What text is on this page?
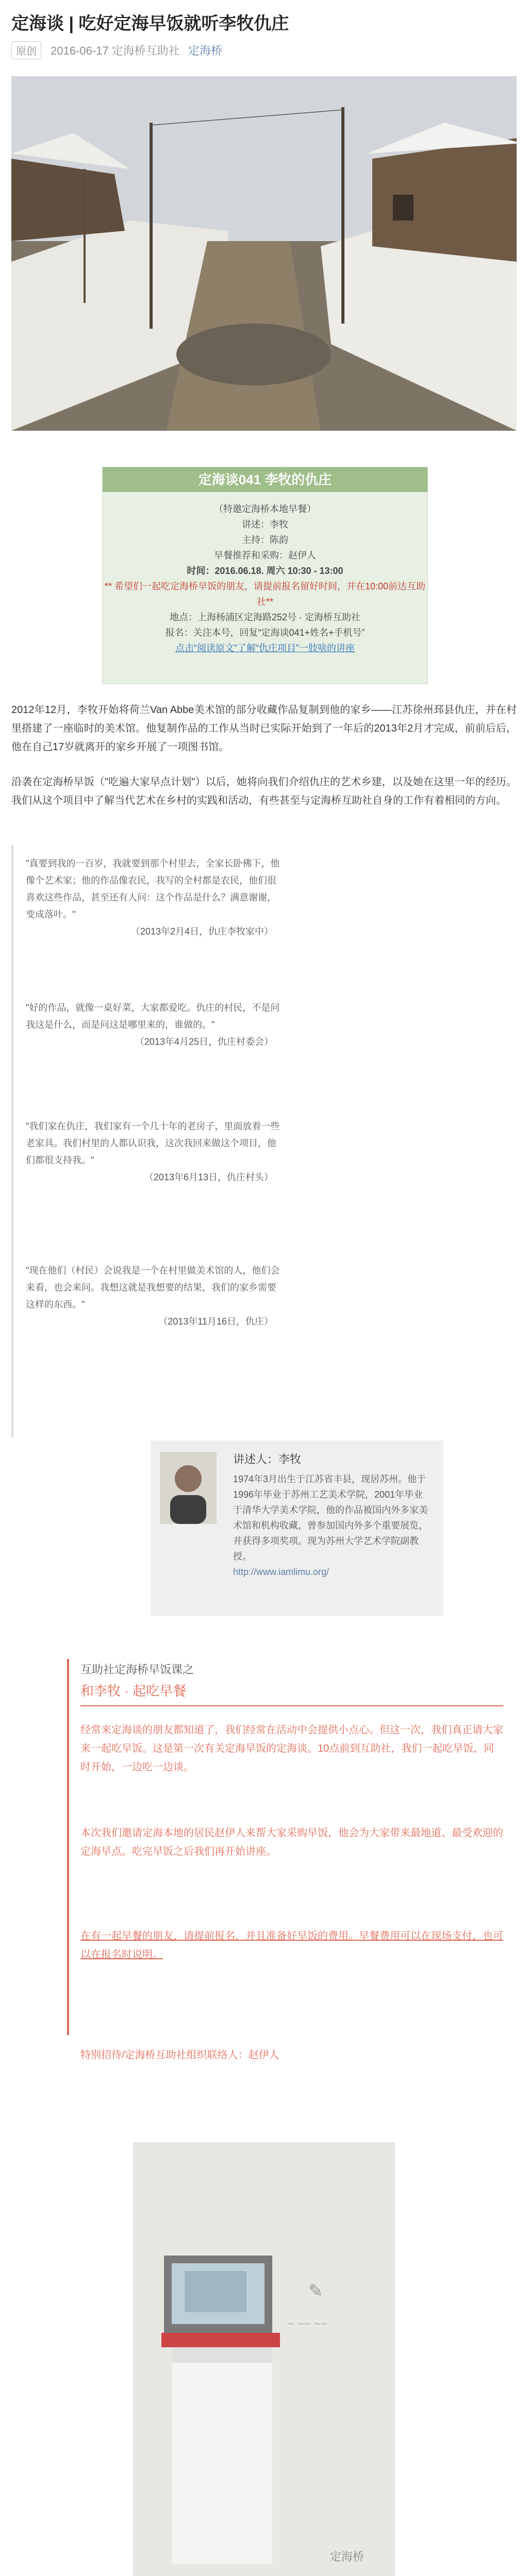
定海谈 | 吃好定海早饭就听李牧仇庄
原创 2016-06-17 定海桥互助社 定海桥
定海谈041 李牧的仇庄
（特邀定海桥本地早餐）
讲述：李牧
主持：陈韵
早餐推荐和采购：赵伊人
时间：2016.06.18. 周六 10:30 - 13:00
** 希望们一起吃定海桥早饭的朋友，请提前报名留好时间，并在10:00前达互助社**
地点：上海杨浦区定海路252号 · 定海桥互助社
报名：关注本号，回复“定海谈041+姓名+手机号”
点击“阅读原文”了解“仇庄项目”一肢啥的讲座

2012年12月，李牧开始将荷兰Van Abbe美术馆的部分收藏作品复制到他的家乡——江苏徐州邳县仇庄，并在村里搭建了一座临时的美术馆。他复制作品的工作从当时已实际开始到了一年后的2013年2月才完成，前前后后，他在自己17岁就离开的家乡开展了一项图书馆。

沿袭在定海桥早饭（"吃遍大家早点计划"）以后，她将向我们介绍仇庄的艺术乡建，以及她在这里一年的经历。我们从这个项目中了解当代艺术在乡村的实践和活动，有些甚至与定海桥互助社自身的工作有着相同的方向。

"真要到我的一百岁，我就要到那个村里去，全家长卧佛下，他像个艺术家；他的作品像农民，我写的全村都是农民，他们很喜欢这些作品，甚至还有人问：这个作品是什么？满意谢谢，变成落叶。"
（2013年2月4日，仇庄李牧家中）

"好的作品，就像一桌好菜，大家都爱吃。仇庄的村民，不是问我这是什么，而是问这是哪里来的，谁做的。"
（2013年4月25日，仇庄村委会）

"我们家在仇庄，我们家有一个几十年的老房子，里面放着一些老家具。我们村里的人都认识我，这次我回来做这个项目，他们都很支持我。"
（2013年6月13日，仇庄村头）

"现在他们（村民）会说我是一个在村里做美术馆的人，他们会来看，也会来问。我想这就是我想要的结果，我们的家乡需要这样的东西。"
（2013年11月16日，仇庄）

讲述人：李牧

1974年3月出生于江苏省丰县，现居苏州。他于1996年毕业于苏州工艺美术学院，2001年毕业于清华大学美术学院，他的作品被国内外多家美术馆和机构收藏，曾参加国内外多个重要展览，并获得多项奖项。现为苏州大学艺术学院副教授。
http://www.iamlimu.org/

互助社定海桥早饭课之
和李牧 · 起吃早餐

经常来定海谈的朋友都知道了，我们经常在活动中会提供小点心。但这一次，我们真正请大家来一起吃早饭。这是第一次有关定海早饭的定海谈。10点前到互助社，我们一起吃早饭，同时开始，一边吃一边谈。

本次我们邀请定海本地的居民赵伊人来帮大家采购早饭，他会为大家带来最地道、最受欢迎的定海早点。吃完早饭之后我们再开始讲座。

在有一起早餐的朋友，请提前报名，并且准备好早饭的费用。早餐费用可以在现场支付，也可以在报名时说明。

特别招待/定海桥互助社组织联络人：赵伊人
✎
~ ~~ ~~
定海桥
